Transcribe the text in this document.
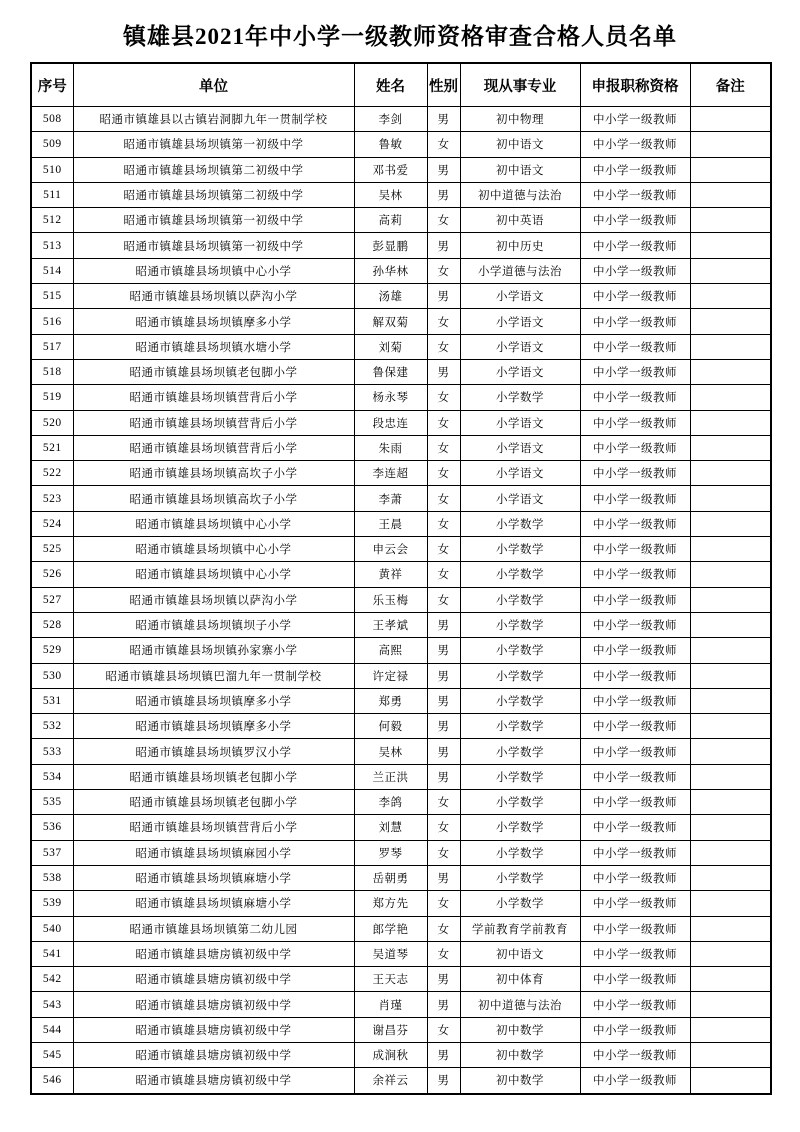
镇雄县2021年中小学一级教师资格审查合格人员名单
序号	单位	姓名	性别	现从事专业	申报职称资格	备注
508	昭通市镇雄县以古镇岩洞脚九年一贯制学校	李剑	男	初中物理	中小学一级教师	
509	昭通市镇雄县场坝镇第一初级中学	鲁敏	女	初中语文	中小学一级教师	
510	昭通市镇雄县场坝镇第二初级中学	邓书爱	男	初中语文	中小学一级教师	
511	昭通市镇雄县场坝镇第二初级中学	吴林	男	初中道德与法治	中小学一级教师	
512	昭通市镇雄县场坝镇第一初级中学	高莉	女	初中英语	中小学一级教师	
513	昭通市镇雄县场坝镇第一初级中学	彭显鹏	男	初中历史	中小学一级教师	
514	昭通市镇雄县场坝镇中心小学	孙华林	女	小学道德与法治	中小学一级教师	
515	昭通市镇雄县场坝镇以萨沟小学	汤雄	男	小学语文	中小学一级教师	
516	昭通市镇雄县场坝镇摩多小学	解双菊	女	小学语文	中小学一级教师	
517	昭通市镇雄县场坝镇水塘小学	刘菊	女	小学语文	中小学一级教师	
518	昭通市镇雄县场坝镇老包脚小学	鲁保建	男	小学语文	中小学一级教师	
519	昭通市镇雄县场坝镇营背后小学	杨永琴	女	小学数学	中小学一级教师	
520	昭通市镇雄县场坝镇营背后小学	段忠连	女	小学语文	中小学一级教师	
521	昭通市镇雄县场坝镇营背后小学	朱雨	女	小学语文	中小学一级教师	
522	昭通市镇雄县场坝镇高坎子小学	李连超	女	小学语文	中小学一级教师	
523	昭通市镇雄县场坝镇高坎子小学	李萧	女	小学语文	中小学一级教师	
524	昭通市镇雄县场坝镇中心小学	王晨	女	小学数学	中小学一级教师	
525	昭通市镇雄县场坝镇中心小学	申云会	女	小学数学	中小学一级教师	
526	昭通市镇雄县场坝镇中心小学	黄祥	女	小学数学	中小学一级教师	
527	昭通市镇雄县场坝镇以萨沟小学	乐玉梅	女	小学数学	中小学一级教师	
528	昭通市镇雄县场坝镇坝子小学	王孝斌	男	小学数学	中小学一级教师	
529	昭通市镇雄县场坝镇孙家寨小学	高熙	男	小学数学	中小学一级教师	
530	昭通市镇雄县场坝镇巴溜九年一贯制学校	许定禄	男	小学数学	中小学一级教师	
531	昭通市镇雄县场坝镇摩多小学	郑勇	男	小学数学	中小学一级教师	
532	昭通市镇雄县场坝镇摩多小学	何毅	男	小学数学	中小学一级教师	
533	昭通市镇雄县场坝镇罗汉小学	吴林	男	小学数学	中小学一级教师	
534	昭通市镇雄县场坝镇老包脚小学	兰正洪	男	小学数学	中小学一级教师	
535	昭通市镇雄县场坝镇老包脚小学	李鸽	女	小学数学	中小学一级教师	
536	昭通市镇雄县场坝镇营背后小学	刘慧	女	小学数学	中小学一级教师	
537	昭通市镇雄县场坝镇麻园小学	罗琴	女	小学数学	中小学一级教师	
538	昭通市镇雄县场坝镇麻塘小学	岳朝勇	男	小学数学	中小学一级教师	
539	昭通市镇雄县场坝镇麻塘小学	郑方先	女	小学数学	中小学一级教师	
540	昭通市镇雄县场坝镇第二幼儿园	郎学艳	女	学前教育学前教育	中小学一级教师	
541	昭通市镇雄县塘房镇初级中学	吴道琴	女	初中语文	中小学一级教师	
542	昭通市镇雄县塘房镇初级中学	王天志	男	初中体育	中小学一级教师	
543	昭通市镇雄县塘房镇初级中学	肖瑾	男	初中道德与法治	中小学一级教师	
544	昭通市镇雄县塘房镇初级中学	谢昌芬	女	初中数学	中小学一级教师	
545	昭通市镇雄县塘房镇初级中学	成涧秋	男	初中数学	中小学一级教师	
546	昭通市镇雄县塘房镇初级中学	余祥云	男	初中数学	中小学一级教师	
